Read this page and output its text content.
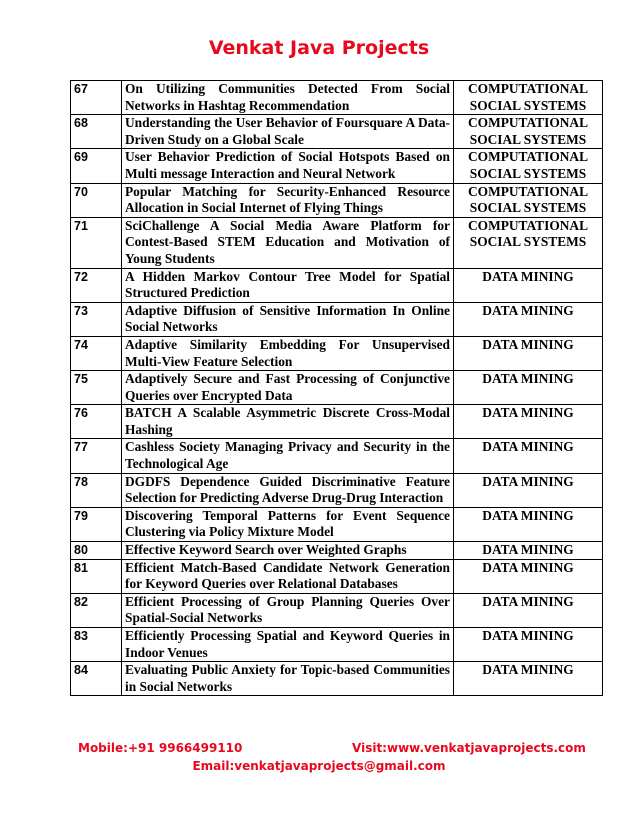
Venkat Java Projects
67	On Utilizing Communities Detected From Social Networks in Hashtag Recommendation	COMPUTATIONAL SOCIAL SYSTEMS
68	Understanding the User Behavior of Foursquare A Data-Driven Study on a Global Scale	COMPUTATIONAL SOCIAL SYSTEMS
69	User Behavior Prediction of Social Hotspots Based on Multi message Interaction and Neural Network	COMPUTATIONAL SOCIAL SYSTEMS
70	Popular Matching for Security-Enhanced Resource Allocation in Social Internet of Flying Things	COMPUTATIONAL SOCIAL SYSTEMS
71	SciChallenge A Social Media Aware Platform for Contest-Based STEM Education and Motivation of Young Students	COMPUTATIONAL SOCIAL SYSTEMS
72	A Hidden Markov Contour Tree Model for Spatial Structured Prediction	DATA MINING
73	Adaptive Diffusion of Sensitive Information In Online Social Networks	DATA MINING
74	Adaptive Similarity Embedding For Unsupervised Multi-View Feature Selection	DATA MINING
75	Adaptively Secure and Fast Processing of Conjunctive Queries over Encrypted Data	DATA MINING
76	BATCH A Scalable Asymmetric Discrete Cross-Modal Hashing	DATA MINING
77	Cashless Society Managing Privacy and Security in the Technological Age	DATA MINING
78	DGDFS Dependence Guided Discriminative Feature Selection for Predicting Adverse Drug-Drug Interaction	DATA MINING
79	Discovering Temporal Patterns for Event Sequence Clustering via Policy Mixture Model	DATA MINING
80	Effective Keyword Search over Weighted Graphs	DATA MINING
81	Efficient Match-Based Candidate Network Generation for Keyword Queries over Relational Databases	DATA MINING
82	Efficient Processing of Group Planning Queries Over Spatial-Social Networks	DATA MINING
83	Efficiently Processing Spatial and Keyword Queries in Indoor Venues	DATA MINING
84	Evaluating Public Anxiety for Topic-based Communities in Social Networks	DATA MINING
Mobile:+91 9966499110	Visit:www.venkatjavaprojects.com
Email:venkatjavaprojects@gmail.com
